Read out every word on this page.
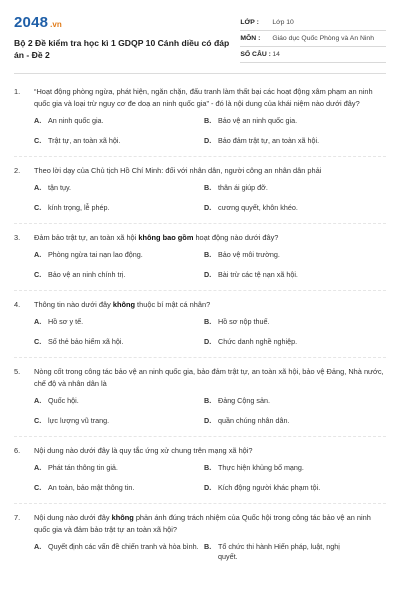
2048 .vn
Bộ 2 Đề kiểm tra học kì 1 GDQP 10 Cánh diều có đáp án - Đề 2
LỚP :	Lớp 10
MÔN :	Giáo dục Quốc Phòng và An Ninh
SỐ CÂU : 14
1.	“Hoạt động phòng ngừa, phát hiện, ngăn chặn, đấu tranh làm thất bại các hoạt động xâm phạm an ninh quốc gia và loại trừ nguy cơ đe doạ an ninh quốc gia” - đó là nội dung của khái niệm nào dưới đây?
A. An ninh quốc gia.	B. Bảo vệ an ninh quốc gia.
C. Trật tự, an toàn xã hội.	D. Bảo đảm trật tự, an toàn xã hội.
2.	Theo lời dạy của Chủ tịch Hồ Chí Minh: đối với nhân dân, người công an nhân dân phải
A. tận tụy.	B. thân ái giúp đỡ.
C. kính trọng, lễ phép.	D. cương quyết, khôn khéo.
3.	Đảm bảo trật tự, an toàn xã hội không bao gồm hoạt động nào dưới đây?
A. Phòng ngừa tai nạn lao động.	B. Bảo vệ môi trường.
C. Bảo vệ an ninh chính trị.	D. Bài trừ các tệ nạn xã hội.
4.	Thông tin nào dưới đây không thuộc bí mật cá nhân?
A. Hồ sơ y tế.	B. Hồ sơ nộp thuế.
C. Số thẻ bảo hiểm xã hội.	D. Chức danh nghề nghiệp.
5.	Nòng cốt trong công tác bảo vệ an ninh quốc gia, bảo đảm trật tự, an toàn xã hội, bảo vệ Đảng, Nhà nước, chế độ và nhân dân là
A. Quốc hội.	B. Đảng Cộng sản.
C. lực lượng vũ trang.	D. quần chúng nhân dân.
6.	Nội dung nào dưới đây là quy tắc ứng xử chung trên mạng xã hội?
A. Phát tán thông tin giả.	B. Thực hiện khủng bố mạng.
C. An toàn, bảo mật thông tin.	D. Kích động người khác phạm tội.
7.	Nội dung nào dưới đây không phản ánh đúng trách nhiệm của Quốc hội trong công tác bảo vệ an ninh quốc gia và đảm bảo trật tự an toàn xã hội?
A. Quyết định các vấn đề chiến tranh và hòa bình. B. Tổ chức thi hành Hiến pháp, luật, nghị quyết.
